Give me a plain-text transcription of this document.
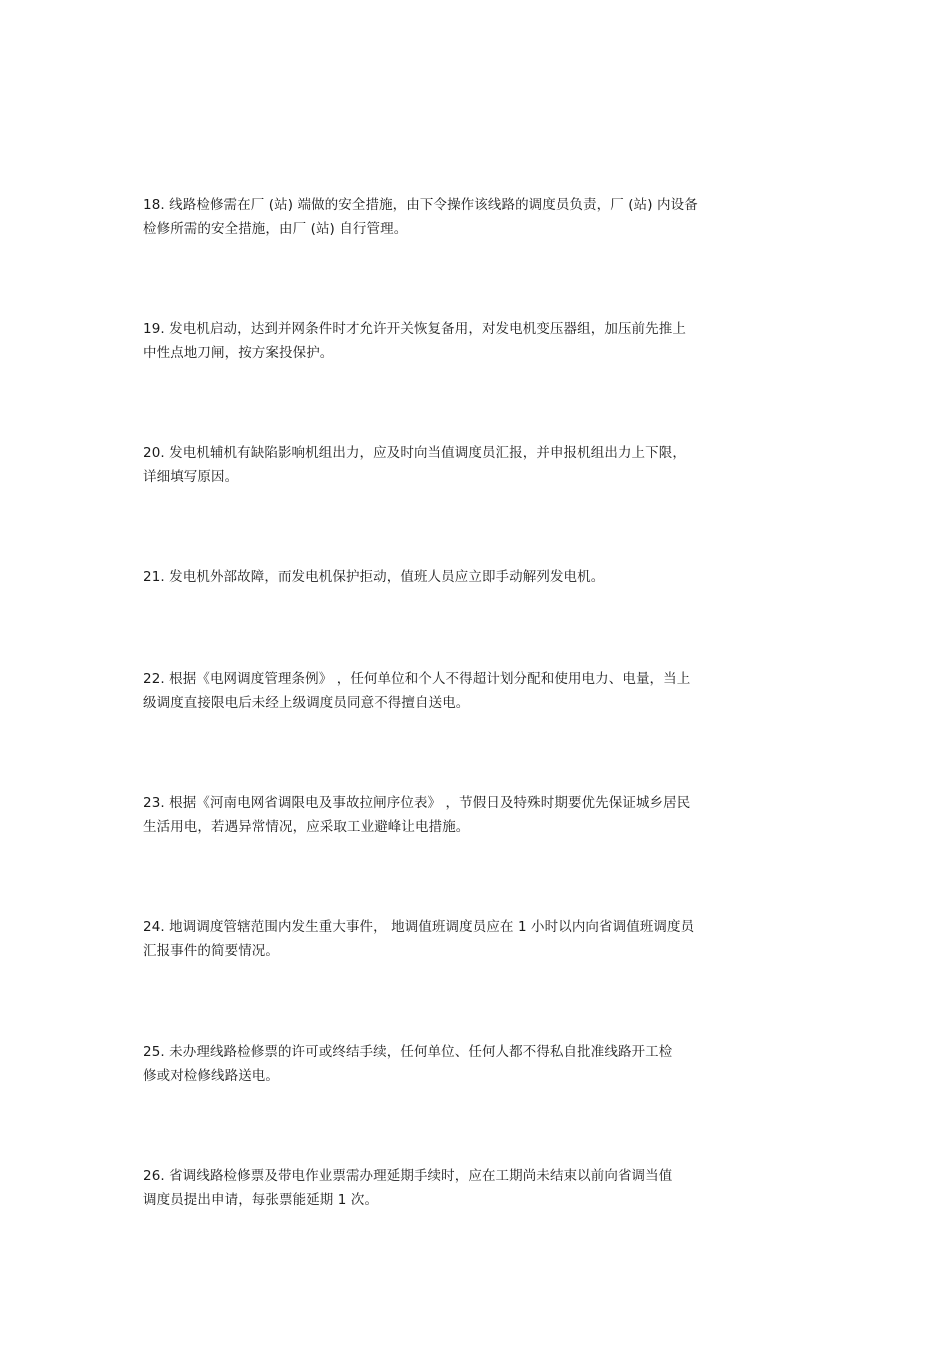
18. 线路检修需在厂 (站) 端做的安全措施，由下令操作该线路的调度员负责，厂 (站) 内设备
检修所需的安全措施，由厂 (站) 自行管理。
19. 发电机启动，达到并网条件时才允许开关恢复备用，对发电机变压器组，加压前先推上
中性点地刀闸，按方案投保护。
20. 发电机辅机有缺陷影响机组出力，应及时向当值调度员汇报，并申报机组出力上下限，
详细填写原因。
21. 发电机外部故障，而发电机保护拒动，值班人员应立即手动解列发电机。
22. 根据《电网调度管理条例》 ，任何单位和个人不得超计划分配和使用电力、电量，当上
级调度直接限电后未经上级调度员同意不得擅自送电。
23. 根据《河南电网省调限电及事故拉闸序位表》 ，节假日及特殊时期要优先保证城乡居民
生活用电，若遇异常情况，应采取工业避峰让电措施。
24. 地调调度管辖范围内发生重大事件， 地调值班调度员应在 1 小时以内向省调值班调度员
汇报事件的简要情况。
25. 未办理线路检修票的许可或终结手续，任何单位、任何人都不得私自批准线路开工检
修或对检修线路送电。
26. 省调线路检修票及带电作业票需办理延期手续时，应在工期尚未结束以前向省调当值
调度员提出申请，每张票能延期 1 次。
